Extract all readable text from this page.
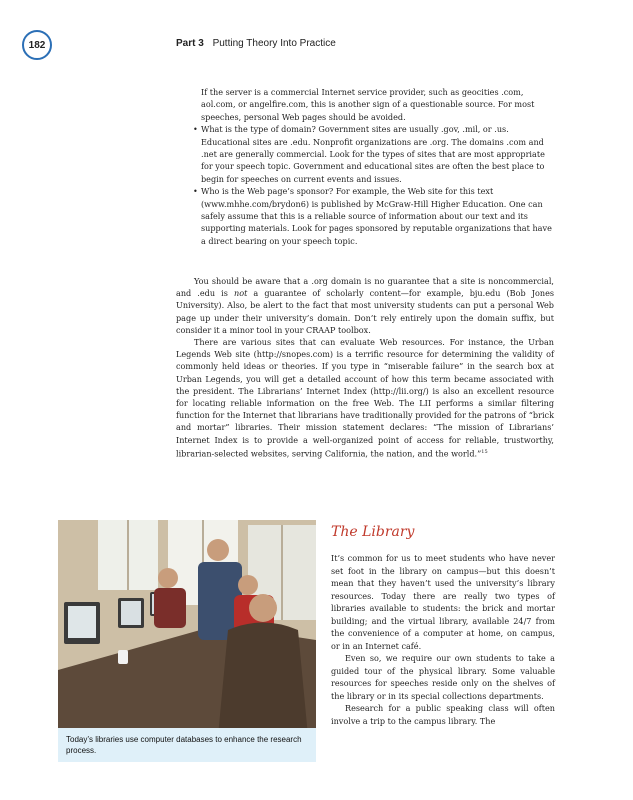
182	Part 3 Putting Theory Into Practice

If the server is a commercial Internet service provider, such as geocities .com, aol.com, or angelfire.com, this is another sign of a questionable source. For most speeches, personal Web pages should be avoided.

• What is the type of domain? Government sites are usually .gov, .mil, or .us. Educational sites are .edu. Nonprofit organizations are .org. The domains .com and .net are generally commercial. Look for the types of sites that are most appropriate for your speech topic. Government and educational sites are often the best place to begin for speeches on current events and issues.
• Who is the Web page’s sponsor? For example, the Web site for this text (www.mhhe.com/brydon6) is published by McGraw-Hill Higher Education. One can safely assume that this is a reliable source of information about our text and its supporting materials. Look for pages sponsored by reputable organizations that have a direct bearing on your speech topic.

You should be aware that a .org domain is no guarantee that a site is noncommercial, and .edu is not a guarantee of scholarly content—for example, bju.edu (Bob Jones University). Also, be alert to the fact that most university students can put a personal Web page up under their university’s domain. Don’t rely entirely upon the domain suffix, but consider it a minor tool in your CRAAP toolbox.

There are various sites that can evaluate Web resources. For instance, the Urban Legends Web site (http://snopes.com) is a terrific resource for determining the validity of commonly held ideas or theories. If you type in “miserable failure” in the search box at Urban Legends, you will get a detailed account of how this term became associated with the president. The Librarians’ Internet Index (http://lii.org/) is also an excellent resource for locating reliable information on the free Web. The LII performs a similar filtering function for the Internet that librarians have traditionally provided for the patrons of “brick and mortar” libraries. Their mission statement declares: “The mission of Librarians’ Internet Index is to provide a well-organized point of access for reliable, trustworthy, librarian-selected websites, serving California, the nation, and the world.”$^{15}$

Today’s libraries use computer databases to enhance the research process.
The Library

It’s common for us to meet students who have never set foot in the library on campus—but this doesn’t mean that they haven’t used the university’s library resources. Today there are really two types of libraries available to students: the brick and mortar building; and the virtual library, available 24/7 from the convenience of a computer at home, on campus, or in an Internet café.

Even so, we require our own students to take a guided tour of the physical library. Some valuable resources for speeches reside only on the shelves of the library or in its special collections departments.

Research for a public speaking class will often involve a trip to the campus library. The
